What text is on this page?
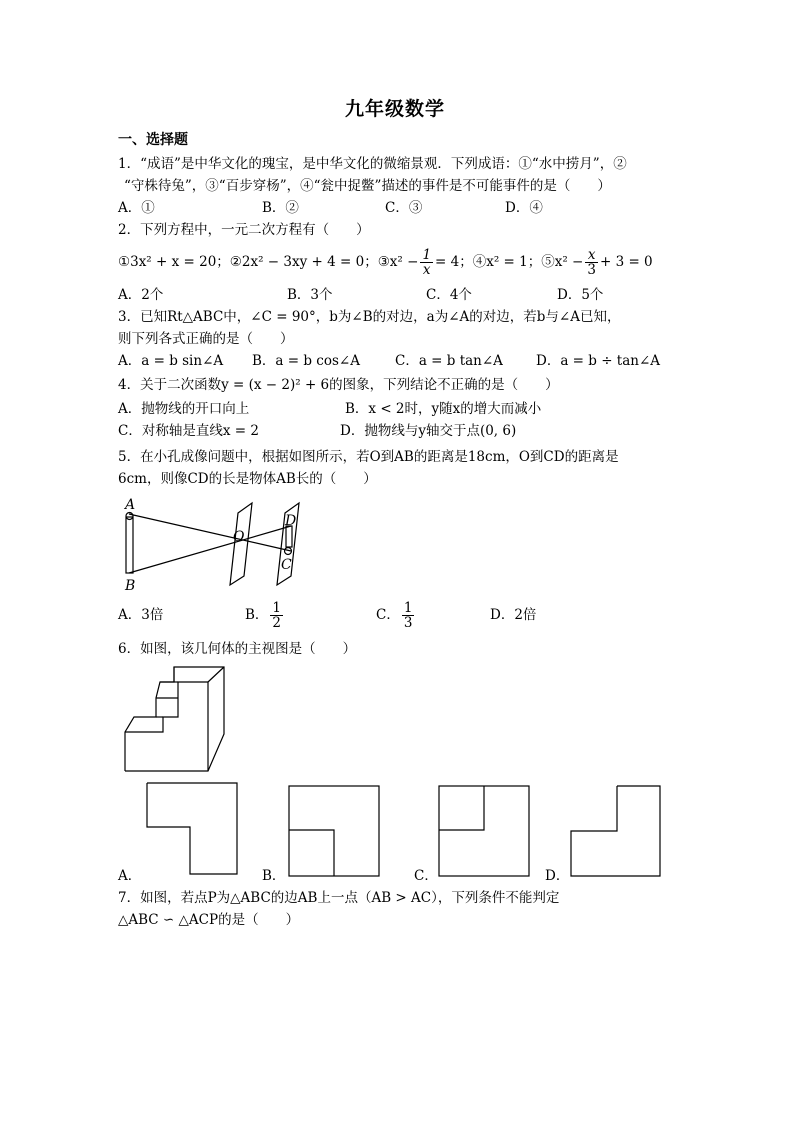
九年级数学
一、选择题
1．“成语”是中华文化的瑰宝，是中华文化的微缩景观．下列成语：①“水中捞月”，②
“守株待兔”，③“百步穿杨”，④“瓮中捉鳖”描述的事件是不可能事件的是（　　）
A．①	B．②	C．③	D．④
2．下列方程中，一元二次方程有（　　）
①3x² + x = 20；②2x² − 3xy + 4 = 0；③x² − $\frac{1}{x} = 4$；④x² = 1；⑤x² − $\frac{x}{3} + 3 = 0$
A．2个	B．3个	C．4个	D．5个
3．已知Rt△ABC中，∠C = 90°，b为∠B的对边，a为∠A的对边，若b与∠A已知，
则下列各式正确的是（　　）
A．a = b sin∠A B．a = b cos∠A	C．a = b tan∠A D．a = b ÷ tan∠A
4．关于二次函数y = (x − 2)² + 6的图象，下列结论不正确的是（　　）
A．抛物线的开口向上	B．x < 2时，y随x的增大而减小
C．对称轴是直线x = 2	D．抛物线与y轴交于点(0, 6)
5．在小孔成像问题中，根据如图所示，若O到AB的距离是18cm，O到CD的距离是
6cm，则像CD的长是物体AB长的（　　）
A
B
O
D
C
A．3倍	B． $\frac{1}{2}$	C． $\frac{1}{3}$	D．2倍
6．如图，该几何体的主视图是（　　）
A．	B．	C．	D．
7．如图，若点P为△ABC的边AB上一点（AB > AC），下列条件不能判定
△ABC ∽ △ACP的是（　　）
